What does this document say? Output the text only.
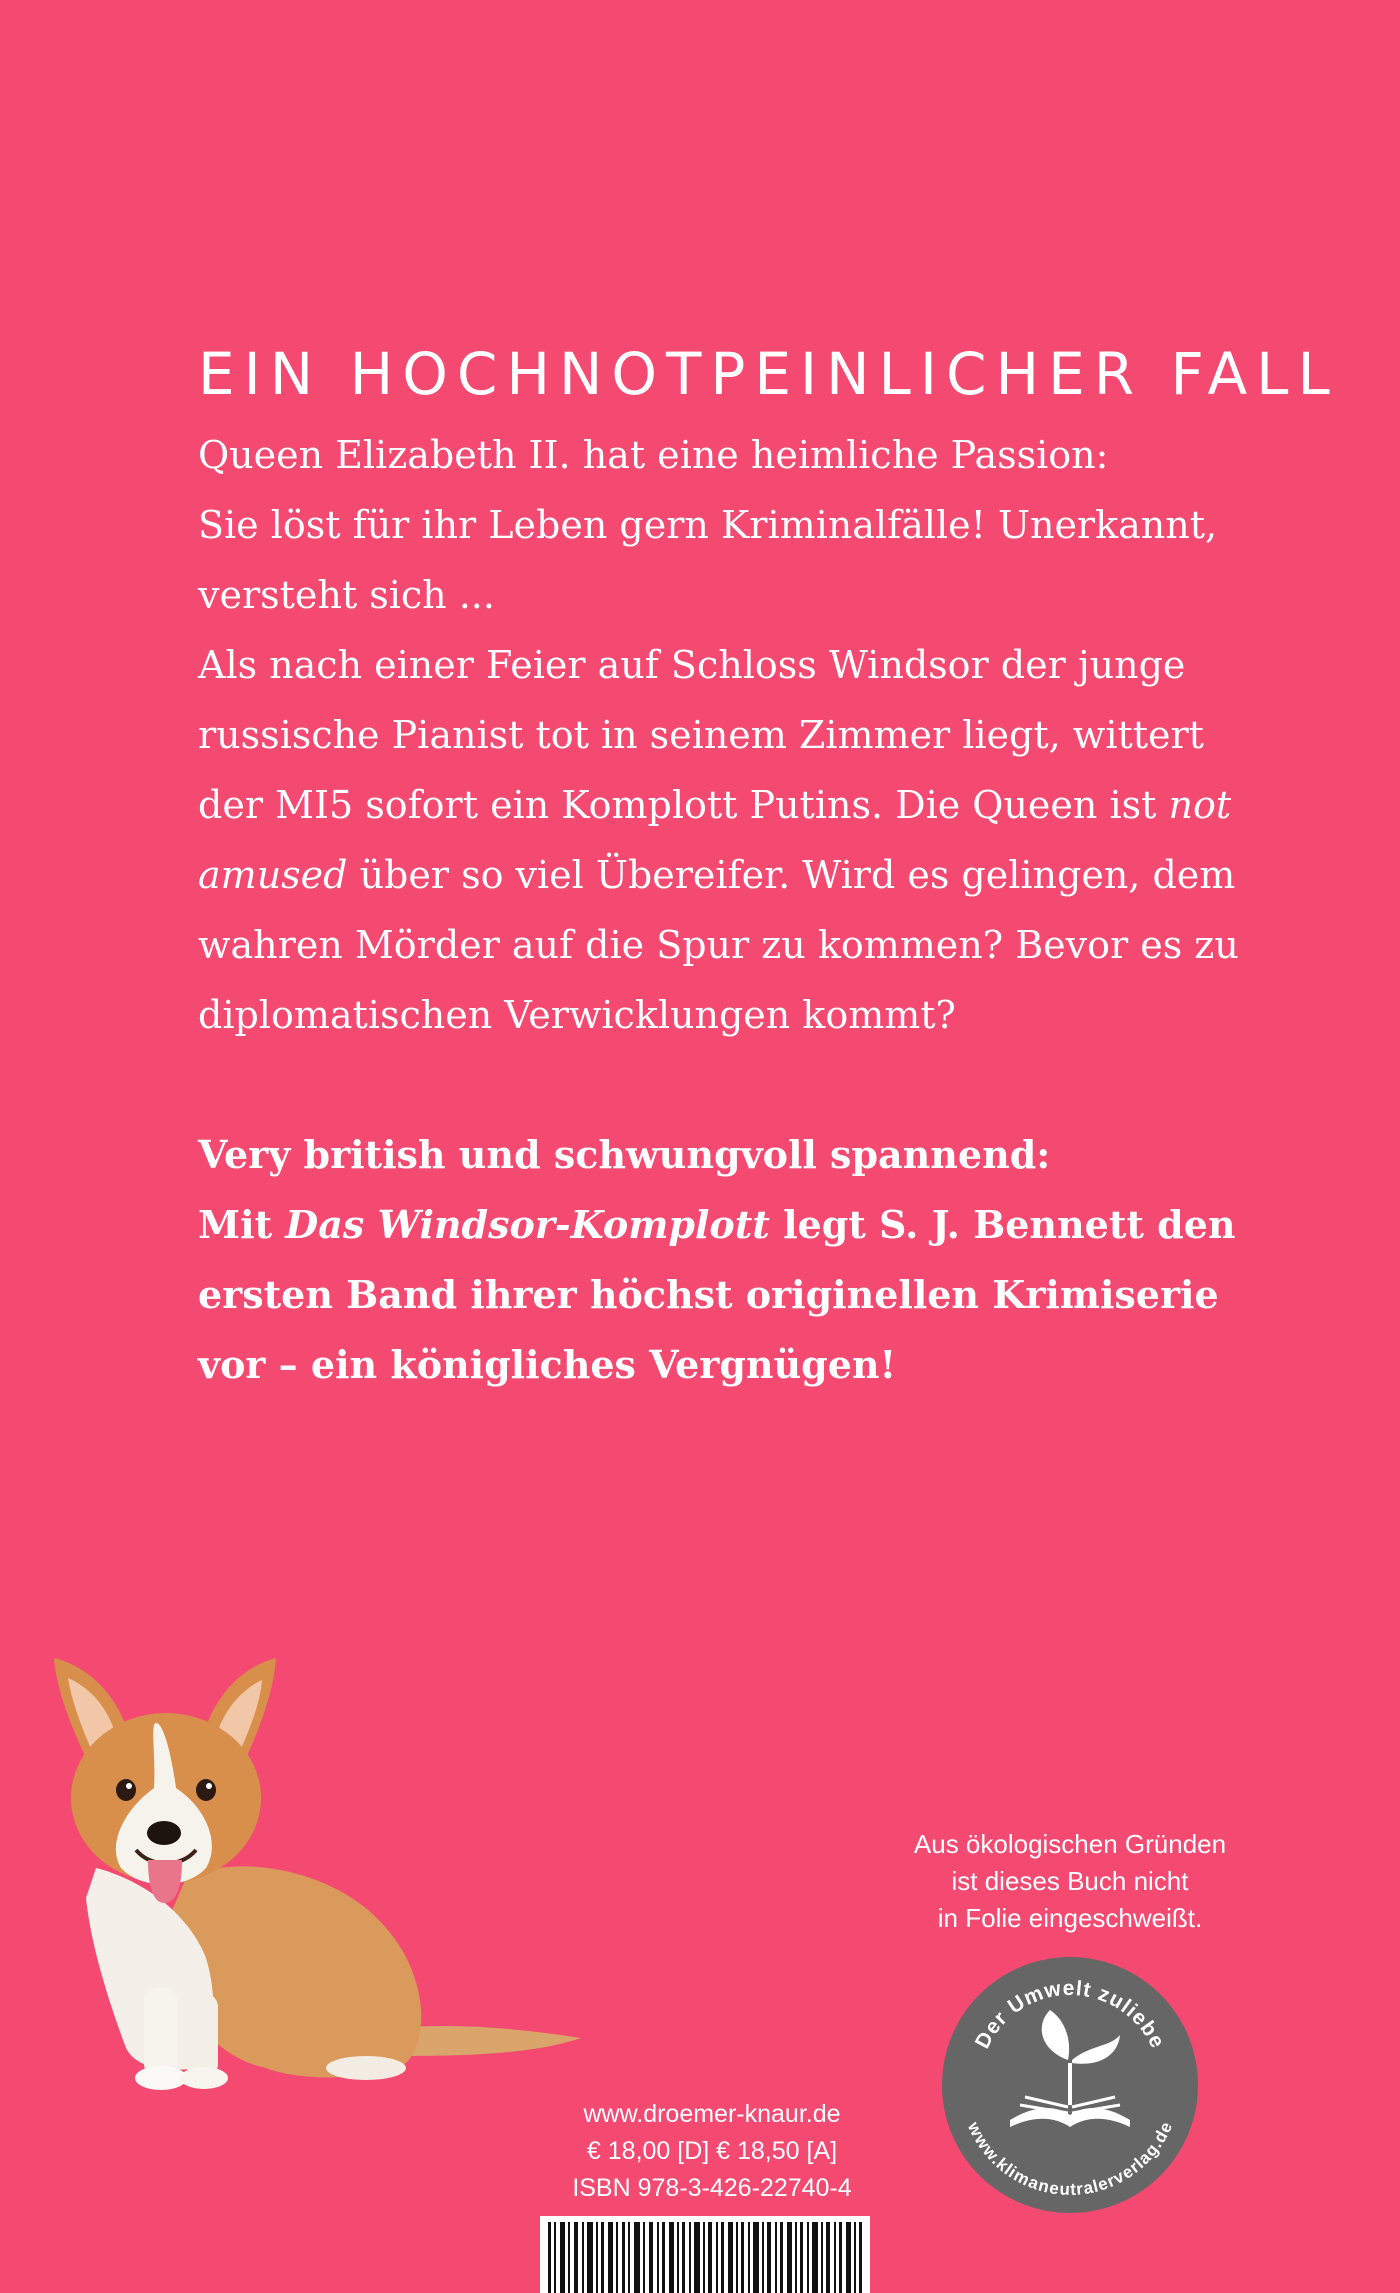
EIN HOCHNOTPEINLICHER FALL

Queen Elizabeth II. hat eine heimliche Passion:
Sie löst für ihr Leben gern Kriminalfälle! Unerkannt,
versteht sich ...

Als nach einer Feier auf Schloss Windsor der junge russische Pianist tot in seinem Zimmer liegt, wittert der MI5 sofort ein Komplott Putins. Die Queen ist not amused über so viel Übereifer. Wird es gelingen, dem wahren Mörder auf die Spur zu kommen? Bevor es zu diplomatischen Verwicklungen kommt?

Very british und schwungvoll spannend:
Mit Das Windsor-Komplott legt S. J. Bennett den ersten Band ihrer höchst originellen Krimiserie vor – ein königliches Vergnügen!

Aus ökologischen Gründen
ist dieses Buch nicht
in Folie eingeschweißt.
Der Umwelt zuliebe
www.klimaneutralerverlag.de
www.droemer-knaur.de
€ 18,00 [D] € 18,50 [A]
ISBN 978-3-426-22740-4
